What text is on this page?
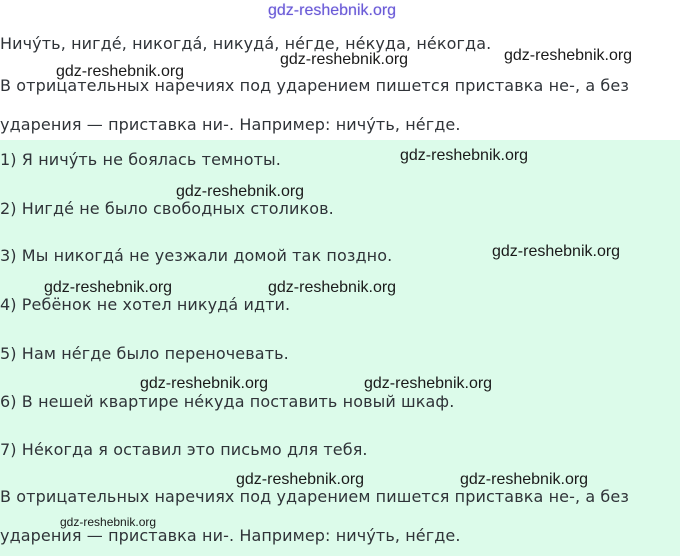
gdz-reshebnik.org
Ничу́ть, нигде́, никогда́, никуда́, не́где, не́куда, не́когда.
В отрицательных наречиях под ударением пишется приставка не-, а без
ударения — приставка ни-. Например: ничу́ть, не́где.
1) Я ничу́ть не боялась темноты.
2) Нигде́ не было свободных столиков.
3) Мы никогда́ не уезжали домой так поздно.
4) Ребёнок не хотел никуда́ идти.
5) Нам не́где было переночевать.
6) В нешей квартире не́куда поставить новый шкаф.
7) Не́когда я оставил это письмо для тебя.
В отрицательных наречиях под ударением пишется приставка не-, а без
ударения — приставка ни-. Например: ничу́ть, не́где.
gdz-reshebnik.org
gdz-reshebnik.org
gdz-reshebnik.org
gdz-reshebnik.org
gdz-reshebnik.org
gdz-reshebnik.org
gdz-reshebnik.org	gdz-reshebnik.org
gdz-reshebnik.org	gdz-reshebnik.org
gdz-reshebnik.org	gdz-reshebnik.org
gdz-reshebnik.org
